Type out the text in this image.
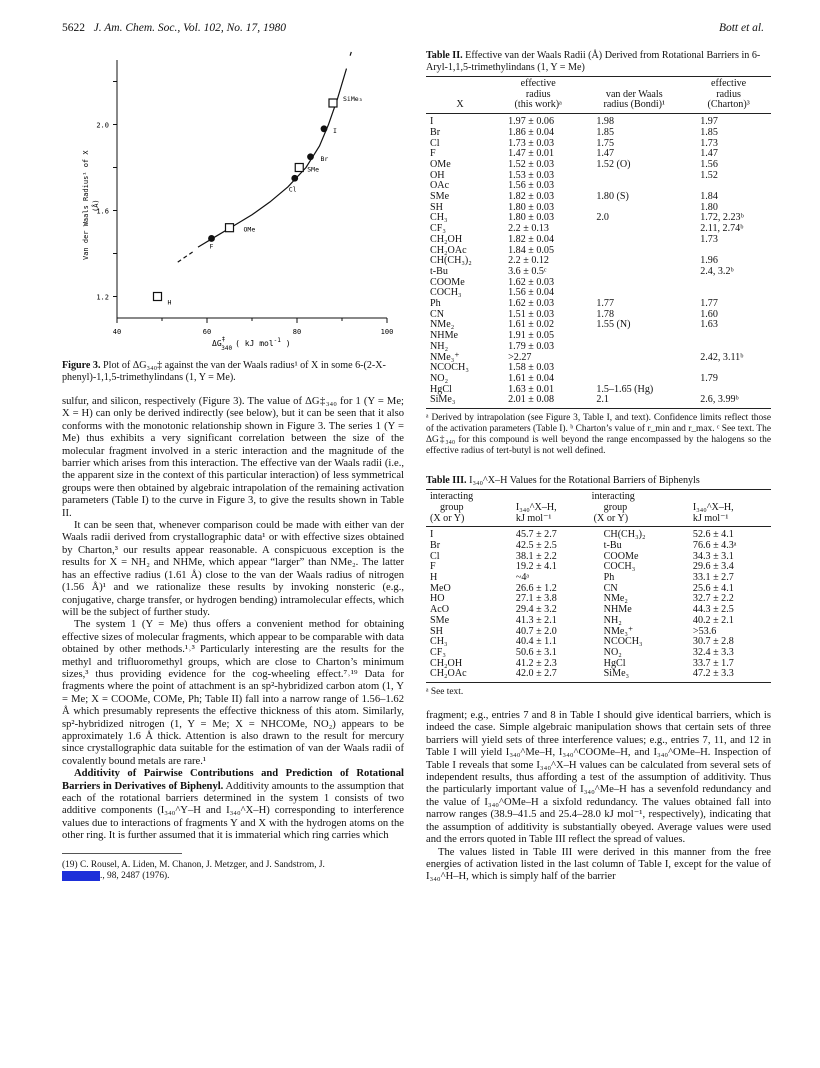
5622 J. Am. Chem. Soc., Vol. 102, No. 17, 1980	Bott et al.
H
F
OMe
Cl
SMe
Br
I
SiMe₃
40	60	80	100
2.0
1.6
1.2
Van der Waals Radius¹ of X (Å)
ΔG‡ 340( kJ mol$^{-1}$ )
Figure 3. Plot of ΔG₃₄₀‡ against the van der Waals radius¹ of X in some 6-(2-X-phenyl)-1,1,5-trimethylindans (1, Y = Me).

sulfur, and silicon, respectively (Figure 3). The value of ΔG‡₃₄₀ for 1 (Y = Me; X = H) can only be derived indirectly (see below), but it can be seen that it also conforms with the monotonic relationship shown in Figure 3. The series 1 (Y = Me) thus exhibits a very significant correlation between the size of the molecular fragment involved in a steric interaction and the magnitude of the barrier which arises from this interaction. The effective van der Waals radii (i.e., the apparent size in the context of this particular interaction) of less symmetrical groups were then obtained by algebraic intrapolation of the remaining activation parameters (Table I) to the curve in Figure 3, to give the results shown in Table II.

It can be seen that, whenever comparison could be made with either van der Waals radii derived from crystallographic data¹ or with effective sizes obtained by Charton,³ our results appear reasonable. A conspicuous exception is the results for X = NH₂ and NHMe, which appear “larger” than NMe₂. The latter has an effective radius (1.61 Å) close to the van der Waals radius of nitrogen (1.56 Å)¹ and we rationalize these results by invoking nonsteric (e.g., conjugative, charge transfer, or hydrogen bending) intramolecular effects, which will be the subject of further study.

The system 1 (Y = Me) thus offers a convenient method for obtaining effective sizes of molecular fragments, which appear to be comparable with data obtained by other methods.¹˒³ Particularly interesting are the results for the methyl and trifluoromethyl groups, which are close to Charton’s minimum sizes,³ thus providing evidence for the cog-wheeling effect.⁷˒¹⁹ Data for fragments where the point of attachment is an sp²-hybridized carbon atom (1, Y = Me; X = COOMe, COMe, Ph; Table II) fall into a narrow range of 1.56–1.62 Å which presumably represents the effective thickness of this atom. Similarly, sp²-hybridized nitrogen (1, Y = Me; X = NHCOMe, NO₂) appears to be approximately 1.6 Å thick. Attention is also drawn to the result for mercury since crystallographic data suitable for the estimation of van der Waals radii of covalently bound metals are rare.¹

Additivity of Pairwise Contributions and Prediction of Rotational Barriers in Derivatives of Biphenyl. Additivity amounts to the assumption that each of the rotational barriers determined in the system 1 consists of two additive components (I₃₄₀^Y–H and I₃₄₀^X–H) corresponding to interference values due to interactions of fragments Y and X with the hydrogen atoms on the other ring. It is further assumed that it is immaterial which ring carries which

(19) C. Rousel, A. Liden, M. Chanon, J. Metzger, and J. Sandstrom, J.
., 98, 2487 (1976).
Table II. Effective van der Waals Radii (Å) Derived from Rotational Barriers in 6-Aryl-1,1,5-trimethylindans (1, Y = Me)
	effective		effective
	radius	van der Waals	radius
X	(this work)ᵃ	radius (Bondi)¹	(Charton)³
I	1.97 ± 0.06	1.98	1.97
Br	1.86 ± 0.04	1.85	1.85
Cl	1.73 ± 0.03	1.75	1.73
F	1.47 ± 0.01	1.47	1.47
OMe	1.52 ± 0.03	1.52 (O)	1.56
OH	1.53 ± 0.03		1.52
OAc	1.56 ± 0.03		
SMe	1.82 ± 0.03	1.80 (S)	1.84
SH	1.80 ± 0.03		1.80
CH₃	1.80 ± 0.03	2.0	1.72, 2.23ᵇ
CF₃	2.2 ± 0.13		2.11, 2.74ᵇ
CH₂OH	1.82 ± 0.04		1.73
CH₂OAc	1.84 ± 0.05		
CH(CH₃)₂	2.2 ± 0.12		1.96
t-Bu	3.6 ± 0.5ᶜ		2.4, 3.2ᵇ
COOMe	1.62 ± 0.03		
COCH₃	1.56 ± 0.04		
Ph	1.62 ± 0.03	1.77	1.77
CN	1.51 ± 0.03	1.78	1.60
NMe₂	1.61 ± 0.02	1.55 (N)	1.63
NHMe	1.91 ± 0.05		
NH₂	1.79 ± 0.03		
NMe₃⁺	>2.27		2.42, 3.11ᵇ
NCOCH₃	1.58 ± 0.03		
NO₂	1.61 ± 0.04		1.79
HgCl	1.63 ± 0.01	1.5–1.65 (Hg)	
SiMe₃	2.01 ± 0.08	2.1	2.6, 3.99ᵇ
ᵃ Derived by intrapolation (see Figure 3, Table I, and text). Confidence limits reflect those of the activation parameters (Table I). ᵇ Charton’s value of r_min and r_max. ᶜ See text. The ΔG‡₃₄₀ for this compound is well beyond the range encompassed by the halogens so the effective radius of tert-butyl is not well defined.
Table III. I₃₄₀^X–H Values for the Rotational Barriers of Biphenyls
interacting		interacting	
group	I₃₄₀^X–H,	group	I₃₄₀^X–H,
(X or Y)	kJ mol⁻¹	(X or Y)	kJ mol⁻¹
I	45.7 ± 2.7	CH(CH₃)₂	52.6 ± 4.1
Br	42.5 ± 2.5	t-Bu	76.6 ± 4.3ᵃ
Cl	38.1 ± 2.2	COOMe	34.3 ± 3.1
F	19.2 ± 4.1	COCH₃	29.6 ± 3.4
H	~4ᵃ	Ph	33.1 ± 2.7
MeO	26.6 ± 1.2	CN	25.6 ± 4.1
HO	27.1 ± 3.8	NMe₂	32.7 ± 2.2
AcO	29.4 ± 3.2	NHMe	44.3 ± 2.5
SMe	41.3 ± 2.1	NH₂	40.2 ± 2.1
SH	40.7 ± 2.0	NMe₃⁺	>53.6
CH₃	40.4 ± 1.1	NCOCH₃	30.7 ± 2.8
CF₃	50.6 ± 3.1	NO₂	32.4 ± 3.3
CH₂OH	41.2 ± 2.3	HgCl	33.7 ± 1.7
CH₂OAc	42.0 ± 2.7	SiMe₃	47.2 ± 3.3
ᵃ See text.

fragment; e.g., entries 7 and 8 in Table I should give identical barriers, which is indeed the case. Simple algebraic manipulation shows that certain sets of three barriers will yield sets of three interference values; e.g., entries 7, 11, and 12 in Table I will yield I₃₄₀^Me–H, I₃₄₀^COOMe–H, and I₃₄₀^OMe–H. Inspection of Table I reveals that some I₃₄₀^X–H values can be calculated from several sets of independent results, thus affording a test of the assumption of additivity. Thus the particularly important value of I₃₄₀^Me–H has a sevenfold redundancy and the value of I₃₄₀^OMe–H a sixfold redundancy. The values obtained fall into narrow ranges (38.9–41.5 and 25.4–28.0 kJ mol⁻¹, respectively), indicating that the assumption of additivity is substantially obeyed. Average values were used and the errors quoted in Table III reflect the spread of values.

The values listed in Table III were derived in this manner from the free energies of activation listed in the last column of Table I, except for the value of I₃₄₀^H–H, which is simply half of the barrier
